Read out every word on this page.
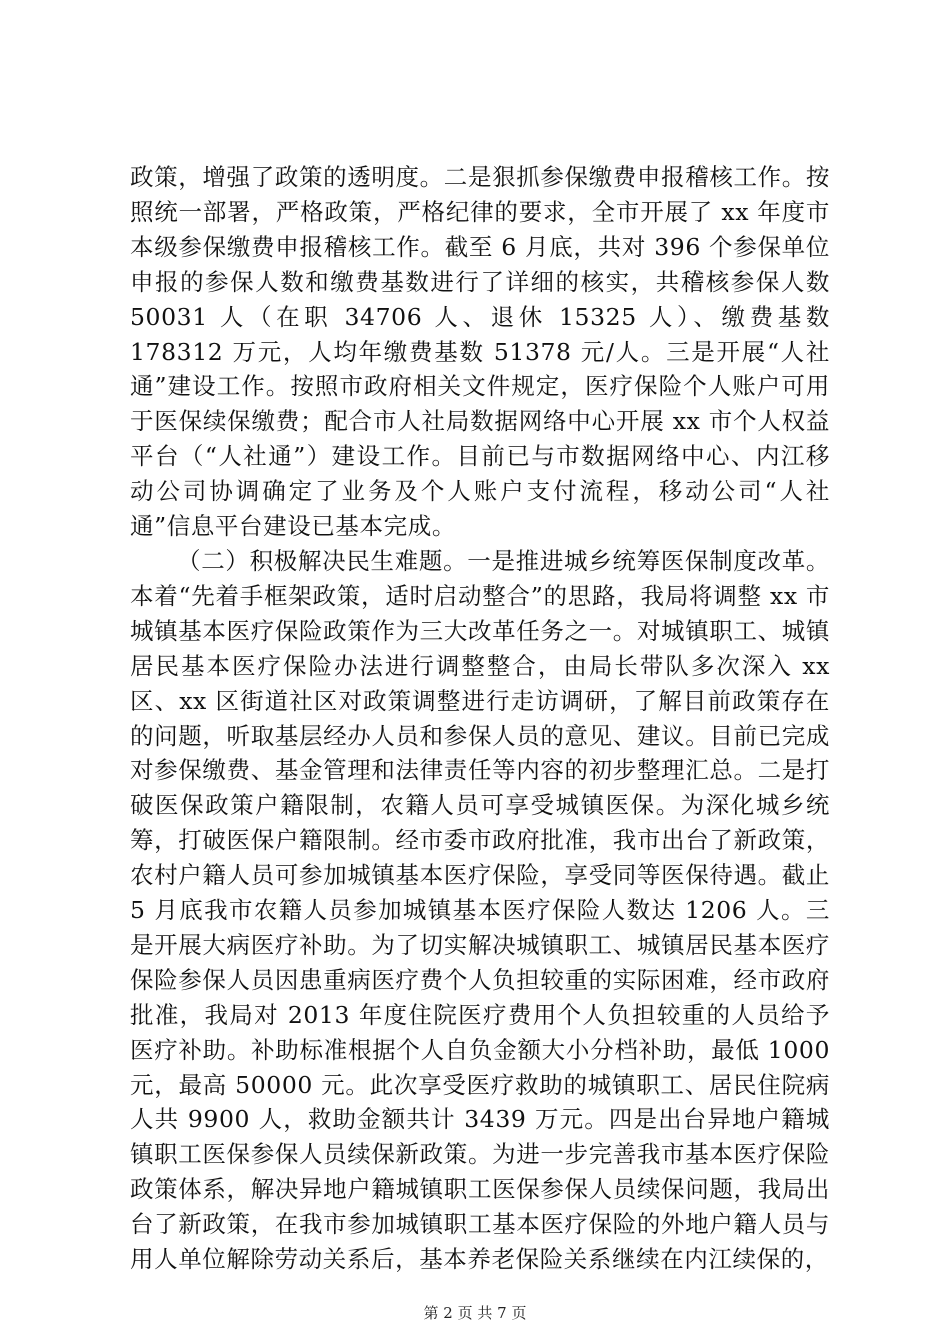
政策，增强了政策的透明度。二是狠抓参保缴费申报稽核工作。按照统一部署，严格政策，严格纪律的要求，全市开展了 xx 年度市本级参保缴费申报稽核工作。截至 6 月底，共对 396 个参保单位申报的参保人数和缴费基数进行了详细的核实，共稽核参保人数 50031 人（在职 34706 人、退休 15325 人）、缴费基数 178312 万元，人均年缴费基数 51378 元/人。三是开展“人社通”建设工作。按照市政府相关文件规定，医疗保险个人账户可用于医保续保缴费；配合市人社局数据网络中心开展 xx 市个人权益平台（“人社通”）建设工作。目前已与市数据网络中心、内江移动公司协调确定了业务及个人账户支付流程，移动公司“人社通”信息平台建设已基本完成。

（二）积极解决民生难题。一是推进城乡统筹医保制度改革。本着“先着手框架政策，适时启动整合”的思路，我局将调整 xx 市城镇基本医疗保险政策作为三大改革任务之一。对城镇职工、城镇居民基本医疗保险办法进行调整整合，由局长带队多次深入 xx 区、xx 区街道社区对政策调整进行走访调研，了解目前政策存在的问题，听取基层经办人员和参保人员的意见、建议。目前已完成对参保缴费、基金管理和法律责任等内容的初步整理汇总。二是打破医保政策户籍限制，农籍人员可享受城镇医保。为深化城乡统筹，打破医保户籍限制。经市委市政府批准，我市出台了新政策，农村户籍人员可参加城镇基本医疗保险，享受同等医保待遇。截止 5 月底我市农籍人员参加城镇基本医疗保险人数达 1206 人。三是开展大病医疗补助。为了切实解决城镇职工、城镇居民基本医疗保险参保人员因患重病医疗费个人负担较重的实际困难，经市政府批准，我局对 2013 年度住院医疗费用个人负担较重的人员给予医疗补助。补助标准根据个人自负金额大小分档补助，最低 1000 元，最高 50000 元。此次享受医疗救助的城镇职工、居民住院病人共 9900 人，救助金额共计 3439 万元。四是出台异地户籍城镇职工医保参保人员续保新政策。为进一步完善我市基本医疗保险政策体系，解决异地户籍城镇职工医保参保人员续保问题，我局出台了新政策，在我市参加城镇职工基本医疗保险的外地户籍人员与用人单位解除劳动关系后，基本养老保险关系继续在内江续保的，

第 2 页 共 7 页
